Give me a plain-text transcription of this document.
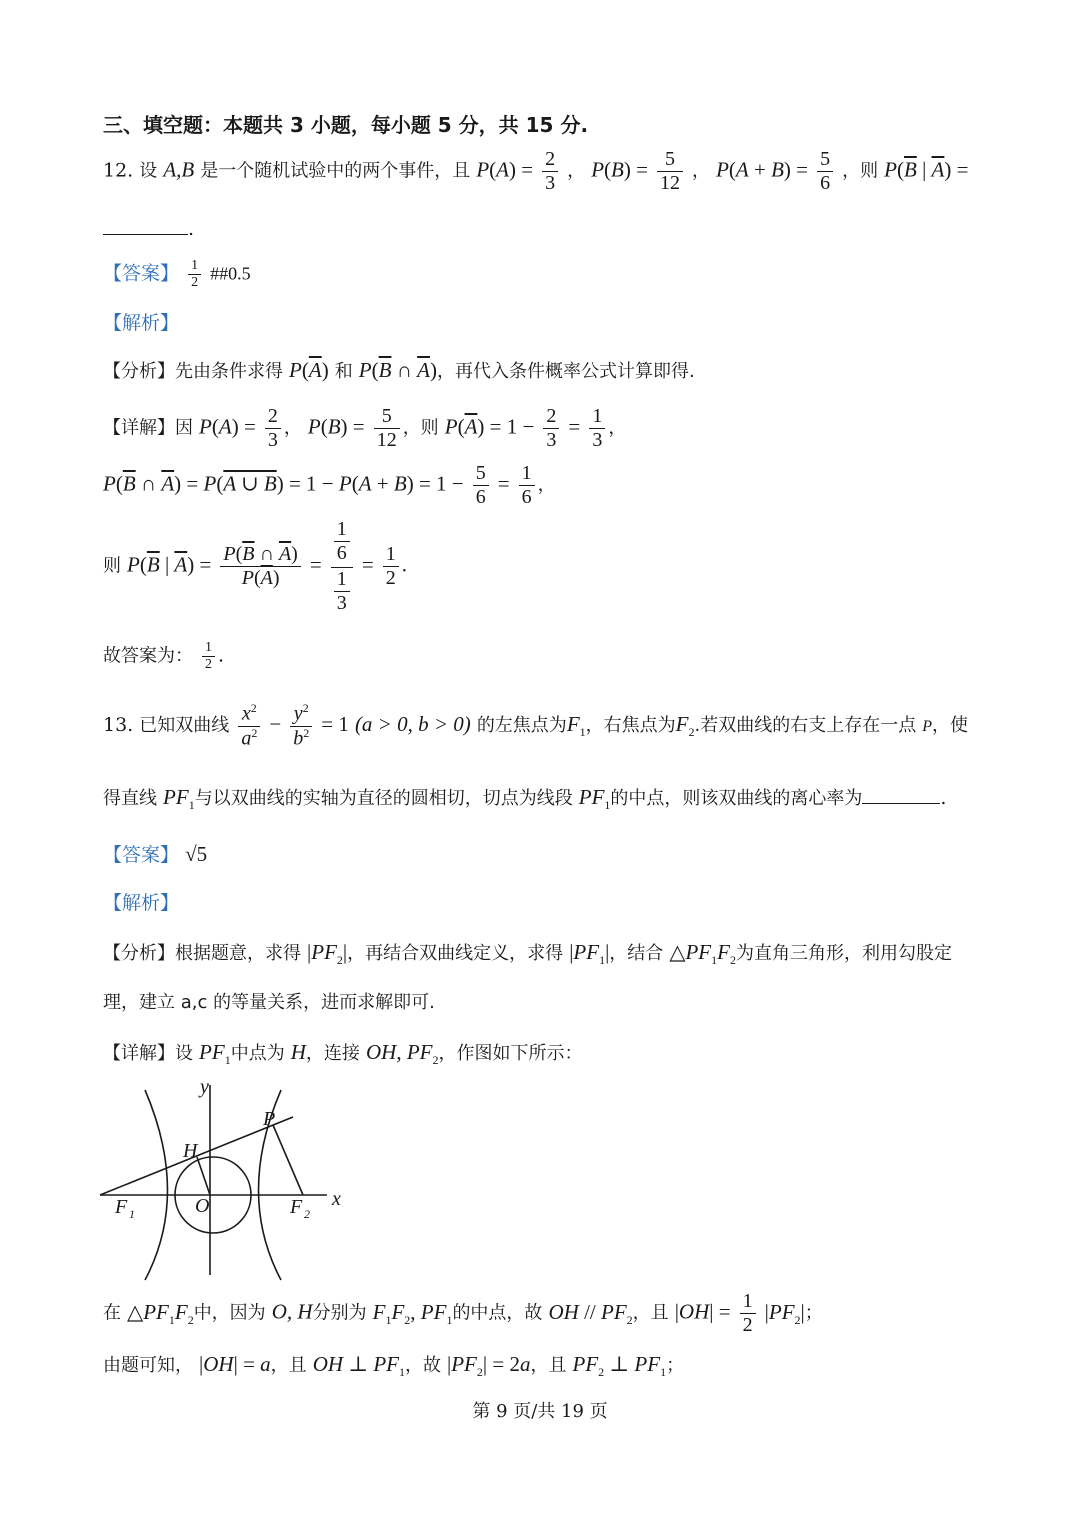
三、填空题：本题共 3 小题，每小题 5 分，共 15 分.
12. 设 A,B 是一个随机试验中的两个事件，且 $P(A) = \frac{2}{3}$ ， $P(B) = \frac{5}{12}$ ， $P(A + B) = \frac{5}{6}$ ，则 $P(\overline{B}$ | $\overline{A}$) =
.
【答案】 $\frac{1}{2}$ ##0.5
【解析】
【分析】先由条件求得 $P(\overline{A})$ 和 $P(\overline{B}$ ∩ $\overline{A}$)，再代入条件概率公式计算即得.
【详解】因 $P(A) = \frac{2}{3}$ ， $P(B) = \frac{5}{12}$ ，则 $P(\overline{A}) = 1 - \frac{2}{3} = \frac{1}{3}$ ，
$P(\overline{B}$ ∩ $\overline{A}) = P(A$ ∪ $B) = 1 - P(A + B) = 1 - \frac{5}{6} = \frac{1}{6}$ ，
则 $P(\overline{B}$ | $\overline{A}) = \frac{P(\overline{B} \cap \overline{A})}{P(\overline{A})} = \frac{\frac{1}{6}}{\frac{1}{3}} = \frac{1}{2}$ .
故答案为： $\frac{1}{2}$ .
13. 已知双曲线 $\frac{x^2}{a^2} - \frac{y^2}{b^2} = 1$ (a > 0, b > 0) 的左焦点为$F_1$，右焦点为$F_2$.若双曲线的右支上存在一点 P，使
得直线 $PF_1$与以双曲线的实轴为直径的圆相切，切点为线段 $PF_1$的中点，则该双曲线的离心率为	.
【答案】 √5
【解析】
【分析】根据题意，求得 $|PF_2|$，再结合双曲线定义，求得 $|PF_1|$，结合 $\triangle PF_1F_2$为直角三角形，利用勾股定
理，建立 a,c 的等量关系，进而求解即可.
【详解】设 $PF_1$中点为 H，连接 OH, $PF_2$，作图如下所示：
y
x
P
H
O
F 1	F 2
在 $\triangle PF_1F_2$中，因为 O, H分别为 $F_1F_2$, $PF_1$的中点，故 OH // $PF_2$，且 $|OH| = \frac{1}{2} |PF_2|$；
由题可知， |OH| = a，且 OH ⊥ $PF_1$，故 $|PF_2| = 2a$，且 $PF_2$ ⊥ $PF_1$；
第 9 页/共 19 页
